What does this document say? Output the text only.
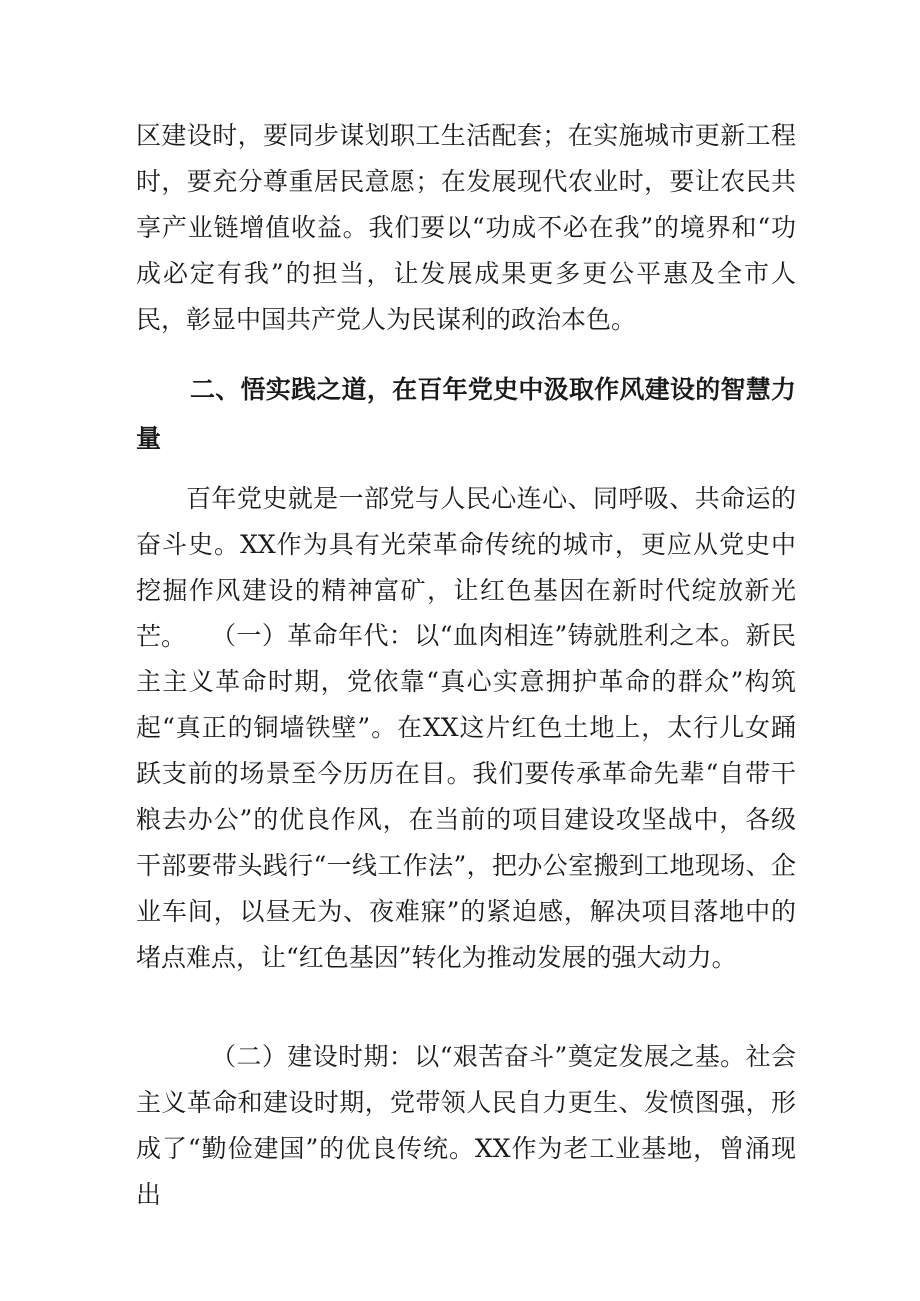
区建设时，要同步谋划职工生活配套；在实施城市更新工程时，要充分尊重居民意愿；在发展现代农业时，要让农民共享产业链增值收益。我们要以“功成不必在我”的境界和“功成必定有我”的担当，让发展成果更多更公平惠及全市人民，彰显中国共产党人为民谋利的政治本色。

二、悟实践之道，在百年党史中汲取作风建设的智慧力量

百年党史就是一部党与人民心连心、同呼吸、共命运的奋斗史。XX作为具有光荣革命传统的城市，更应从党史中挖掘作风建设的精神富矿，让红色基因在新时代绽放新光芒。 （一）革命年代：以“血肉相连”铸就胜利之本。新民主主义革命时期，党依靠“真心实意拥护革命的群众”构筑起“真正的铜墙铁壁”。在XX这片红色土地上，太行儿女踊跃支前的场景至今历历在目。我们要传承革命先辈“自带干粮去办公”的优良作风，在当前的项目建设攻坚战中，各级干部要带头践行“一线工作法”，把办公室搬到工地现场、企业车间，以昼无为、夜难寐”的紧迫感，解决项目落地中的堵点难点，让“红色基因”转化为推动发展的强大动力。

（二）建设时期：以“艰苦奋斗”奠定发展之基。社会主义革命和建设时期，党带领人民自力更生、发愤图强，形成了“勤俭建国”的优良传统。XX作为老工业基地，曾涌现出
